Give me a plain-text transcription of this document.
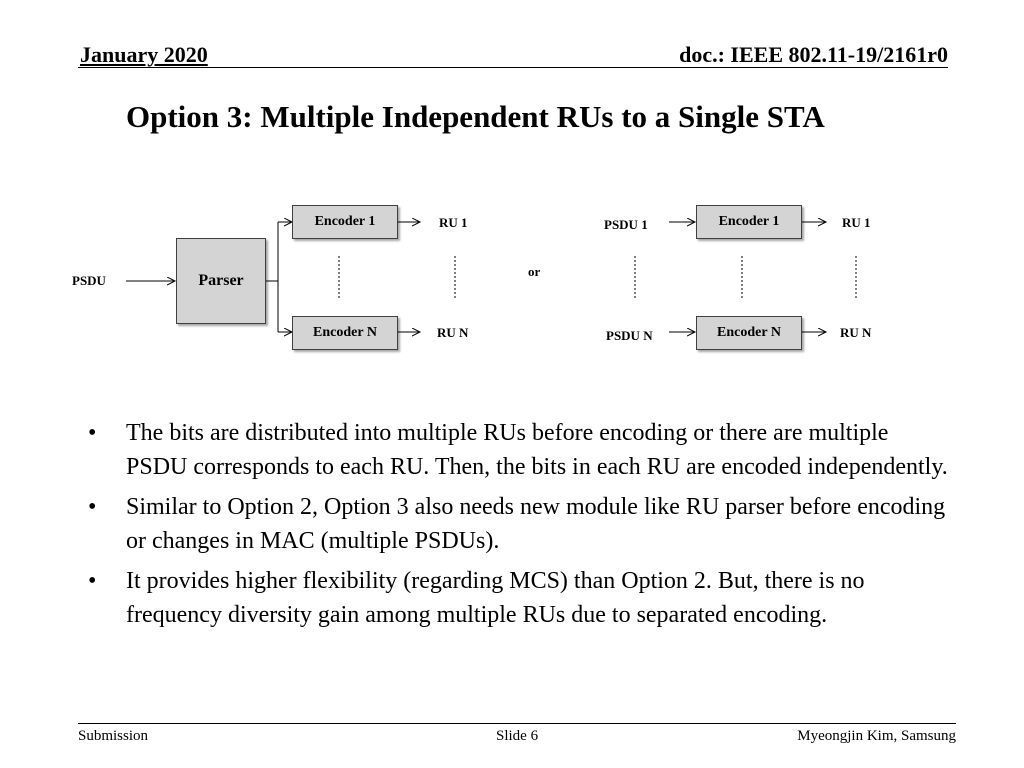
January 2020	doc.: IEEE 802.11-19/2161r0
Option 3: Multiple Independent RUs to a Single STA
PSDU	Parser
Encoder 1
Encoder N
RU 1
RU N
or
PSDU 1
PSDU N
Encoder 1
Encoder N
RU 1
RU N
• The bits are distributed into multiple RUs before encoding or there are multiple PSDU corresponds to each RU. Then, the bits in each RU are encoded independently.
• Similar to Option 2, Option 3 also needs new module like RU parser before encoding or changes in MAC (multiple PSDUs).
• It provides higher flexibility (regarding MCS) than Option 2. But, there is no frequency diversity gain among multiple RUs due to separated encoding.
Submission	Slide 6	Myeongjin Kim, Samsung
